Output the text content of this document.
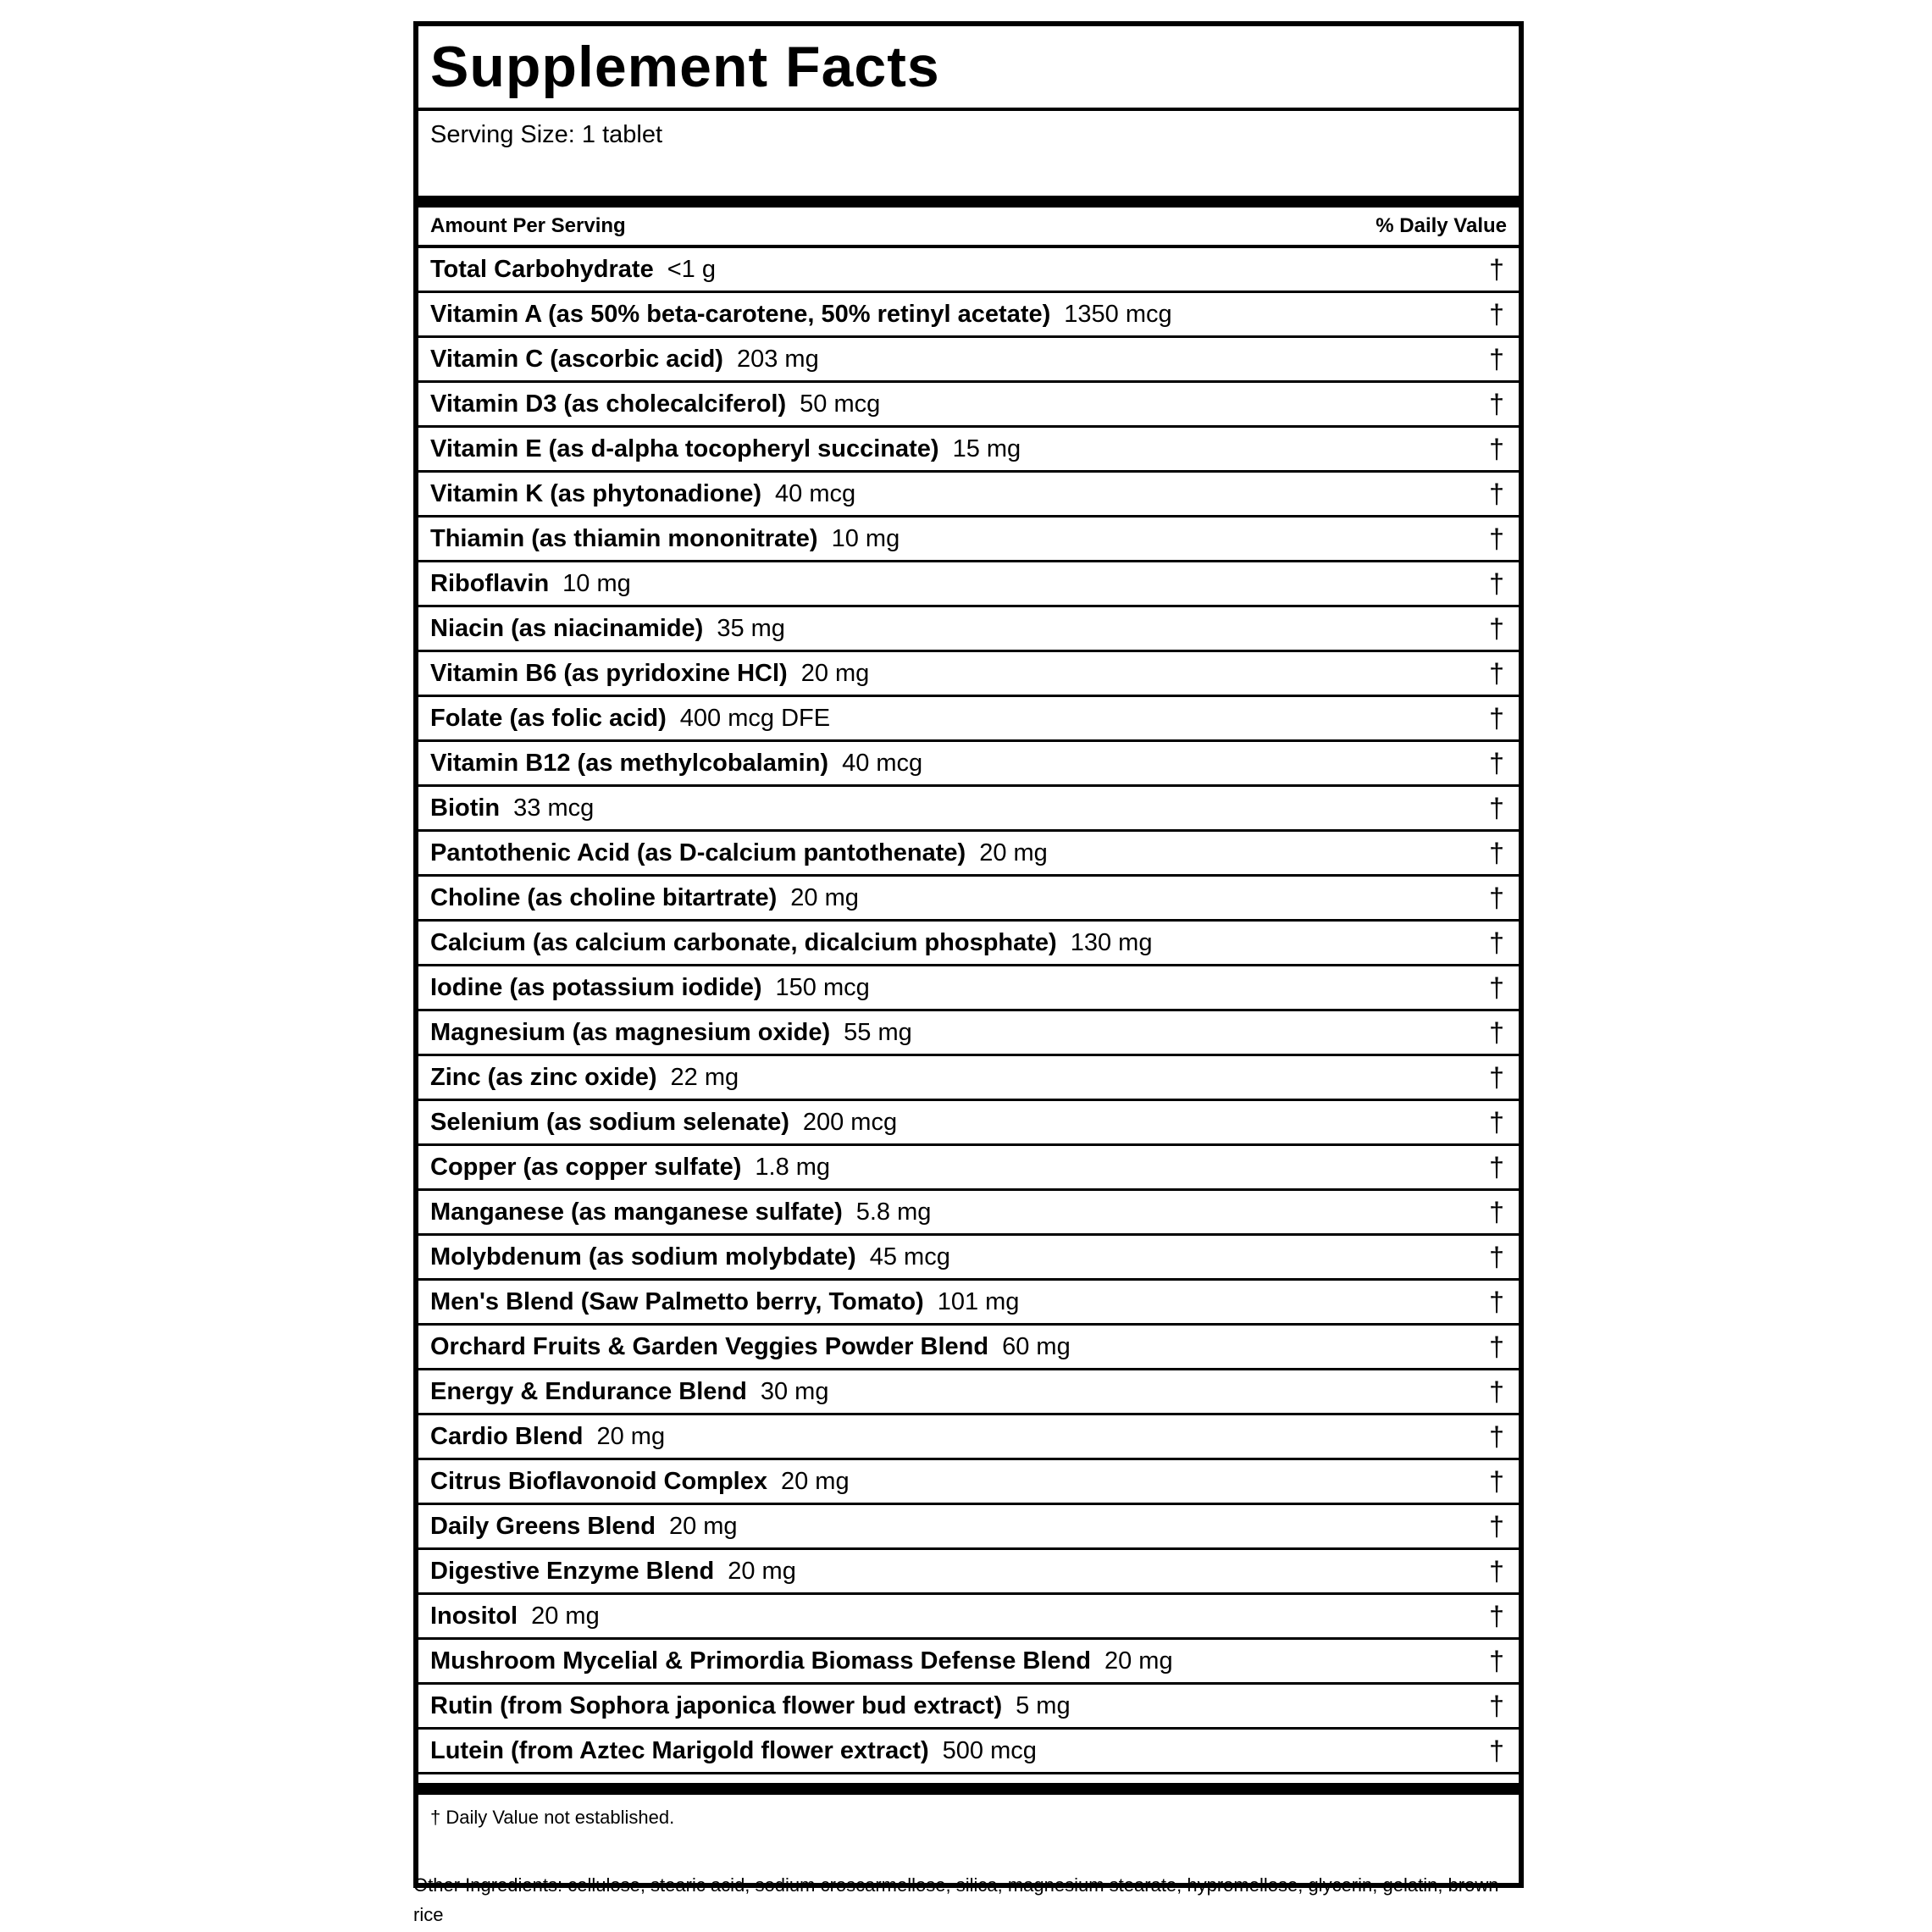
Supplement Facts
Serving Size: 1 tablet
Amount Per Serving	% Daily Value
Total Carbohydrate <1 g	†
Vitamin A (as 50% beta-carotene, 50% retinyl acetate) 1350 mcg	†
Vitamin C (ascorbic acid) 203 mg	†
Vitamin D3 (as cholecalciferol) 50 mcg	†
Vitamin E (as d-alpha tocopheryl succinate) 15 mg	†
Vitamin K (as phytonadione) 40 mcg	†
Thiamin (as thiamin mononitrate) 10 mg	†
Riboflavin 10 mg	†
Niacin (as niacinamide) 35 mg	†
Vitamin B6 (as pyridoxine HCl) 20 mg	†
Folate (as folic acid) 400 mcg DFE	†
Vitamin B12 (as methylcobalamin) 40 mcg	†
Biotin 33 mcg	†
Pantothenic Acid (as D-calcium pantothenate) 20 mg	†
Choline (as choline bitartrate) 20 mg	†
Calcium (as calcium carbonate, dicalcium phosphate) 130 mg	†
Iodine (as potassium iodide) 150 mcg	†
Magnesium (as magnesium oxide) 55 mg	†
Zinc (as zinc oxide) 22 mg	†
Selenium (as sodium selenate) 200 mcg	†
Copper (as copper sulfate) 1.8 mg	†
Manganese (as manganese sulfate) 5.8 mg	†
Molybdenum (as sodium molybdate) 45 mcg	†
Men's Blend (Saw Palmetto berry, Tomato) 101 mg	†
Orchard Fruits & Garden Veggies Powder Blend 60 mg	†
Energy & Endurance Blend 30 mg	†
Cardio Blend 20 mg	†
Citrus Bioflavonoid Complex 20 mg	†
Daily Greens Blend 20 mg	†
Digestive Enzyme Blend 20 mg	†
Inositol 20 mg	†
Mushroom Mycelial & Primordia Biomass Defense Blend 20 mg	†
Rutin (from Sophora japonica flower bud extract) 5 mg	†
Lutein (from Aztec Marigold flower extract) 500 mcg	†
† Daily Value not established.
Other Ingredients: cellulose, stearic acid, sodium croscarmellose, silica, magnesium stearate, hypromellose, glycerin, gelatin, brown rice
